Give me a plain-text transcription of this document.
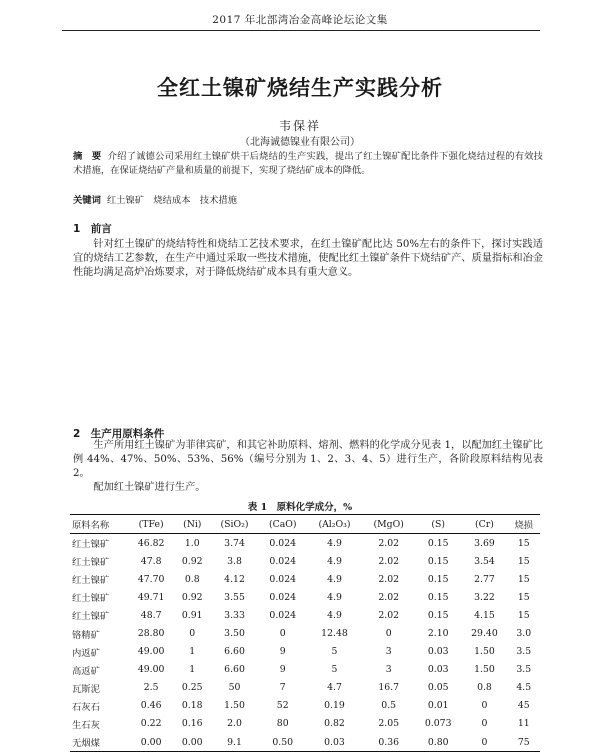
2017 年北部湾冶金高峰论坛论文集
全红土镍矿烧结生产实践分析
韦保祥
（北海诚德镍业有限公司）
摘　要 介绍了诚德公司采用红土镍矿烘干后烧结的生产实践，提出了红土镍矿配比条件下强化烧结过程的有效技术措施，在保证烧结矿产量和质量的前提下，实现了烧结矿成本的降低。
关键词 红土镍矿　烧结成本　技术措施
1　前言
针对红土镍矿的烧结特性和烧结工艺技术要求，在红土镍矿配比达 50%左右的条件下，探讨实践适宜的烧结工艺参数，在生产中通过采取一些技术措施，使配比红土镍矿条件下烧结矿产、质量指标和冶金性能均满足高炉冶炼要求，对于降低烧结矿成本具有重大意义。
2　生产用原料条件
生产所用红土镍矿为菲律宾矿，和其它补助原料、熔剂、燃料的化学成分见表 1，以配加红土镍矿比例 44%、47%、50%、53%、56%（编号分别为 1、2、3、4、5）进行生产，各阶段原料结构见表 2。
配加红土镍矿进行生产。
表 1　原料化学成分，%
原料名称	(TFe)	(Ni)	(SiO₂)	(CaO)	(Al₂O₃)	(MgO)	(S)	(Cr)	烧损
红土镍矿	46.82	1.0	3.74	0.024	4.9	2.02	0.15	3.69	15
红土镍矿	47.8	0.92	3.8	0.024	4.9	2.02	0.15	3.54	15
红土镍矿	47.70	0.8	4.12	0.024	4.9	2.02	0.15	2.77	15
红土镍矿	49.71	0.92	3.55	0.024	4.9	2.02	0.15	3.22	15
红土镍矿	48.7	0.91	3.33	0.024	4.9	2.02	0.15	4.15	15
铬精矿	28.80	0	3.50	0	12.48	0	2.10	29.40	3.0
内返矿	49.00	1	6.60	9	5	3	0.03	1.50	3.5
高返矿	49.00	1	6.60	9	5	3	0.03	1.50	3.5
瓦斯泥	2.5	0.25	50	7	4.7	16.7	0.05	0.8	4.5
石灰石	0.46	0.18	1.50	52	0.19	0.5	0.01	0	45
生石灰	0.22	0.16	2.0	80	0.82	2.05	0.073	0	11
无烟煤	0.00	0.00	9.1	0.50	0.03	0.36	0.80	0	75
